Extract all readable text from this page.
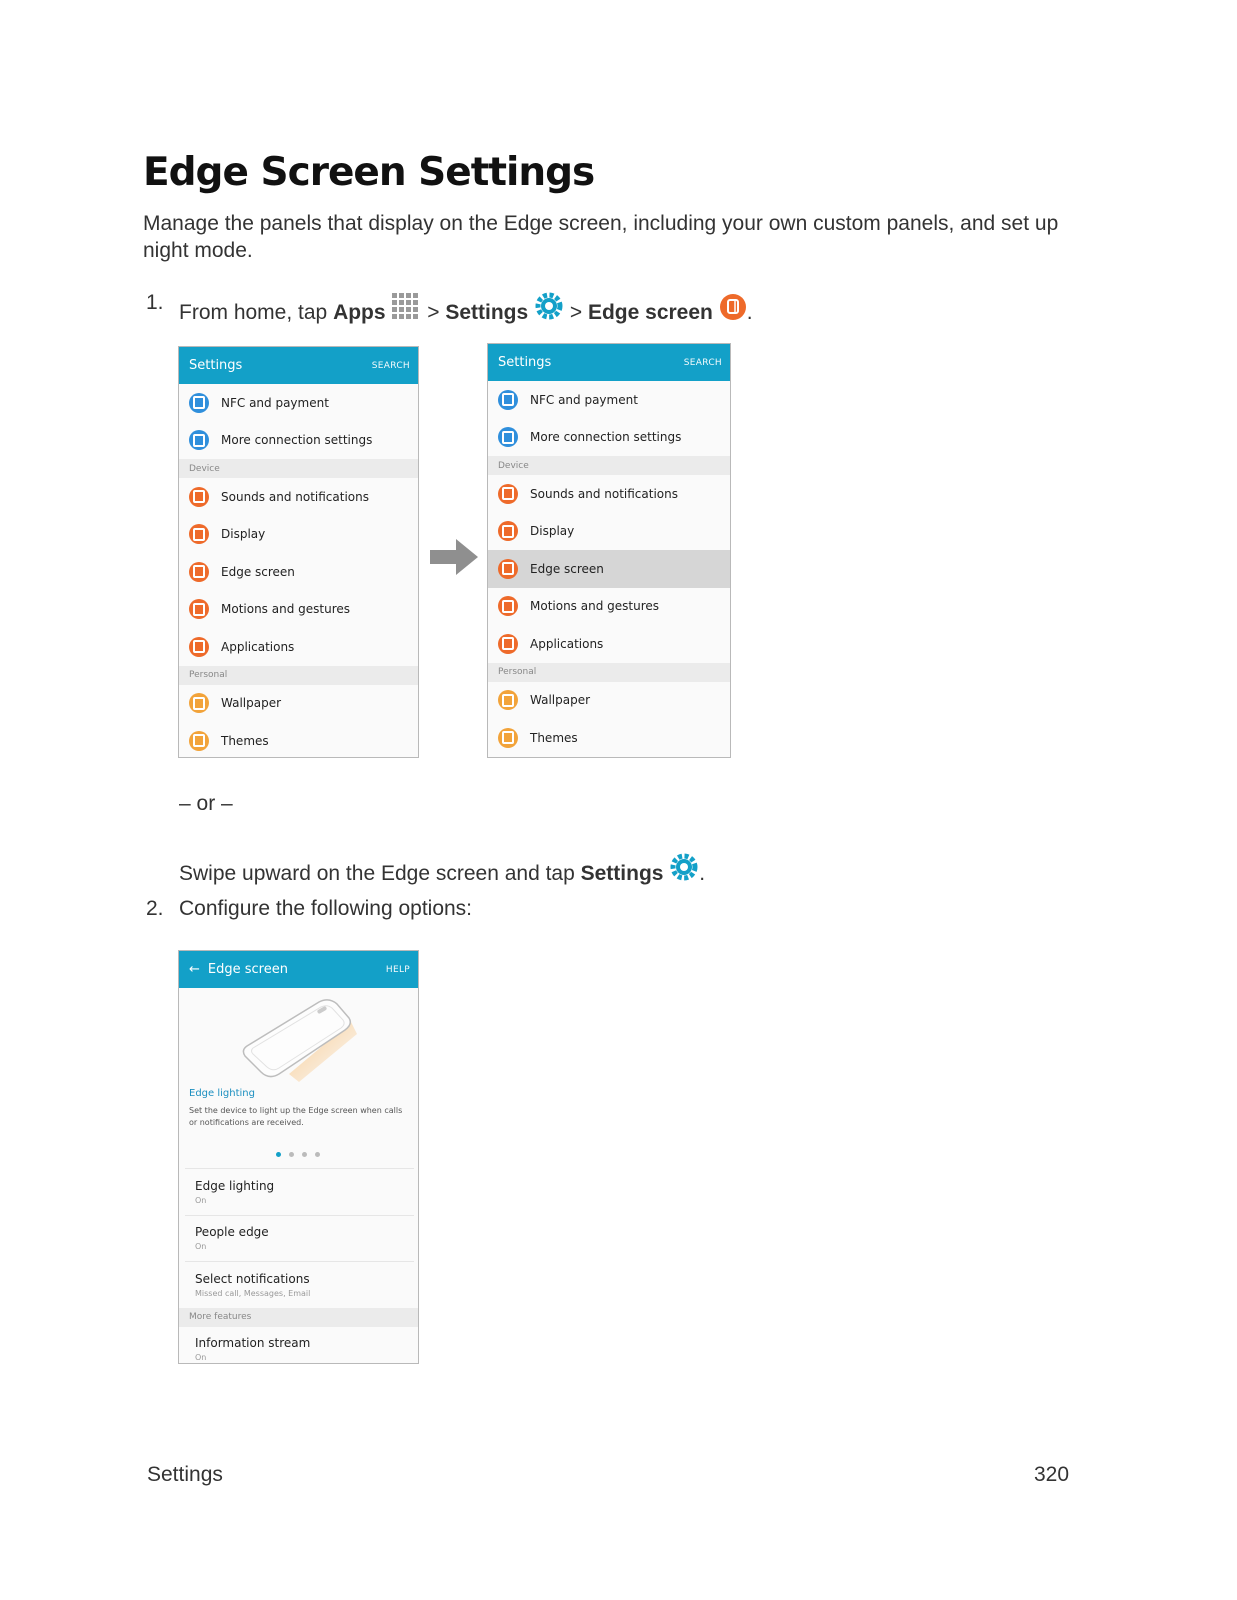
Edge Screen Settings
Manage the panels that display on the Edge screen, including your own custom panels, and set up night mode.
1. From home, tap Apps  > Settings  > Edge screen .
Settings	SEARCH
NFC and payment
More connection settings
Device
Sounds and notifications
Display
Edge screen
Motions and gestures
Applications
Personal
Wallpaper
Themes
Settings	SEARCH
NFC and payment
More connection settings
Device
Sounds and notifications
Display
Edge screen
Motions and gestures
Applications
Personal
Wallpaper
Themes
– or –
Swipe upward on the Edge screen and tap Settings .
2. Configure the following options:
← Edge screen	HELP
Edge lighting
Set the device to light up the Edge screen when calls or notifications are received.
Edge lighting
On
People edge
On
Select notifications
Missed call, Messages, Email
More features
Information stream
On
Settings	320
